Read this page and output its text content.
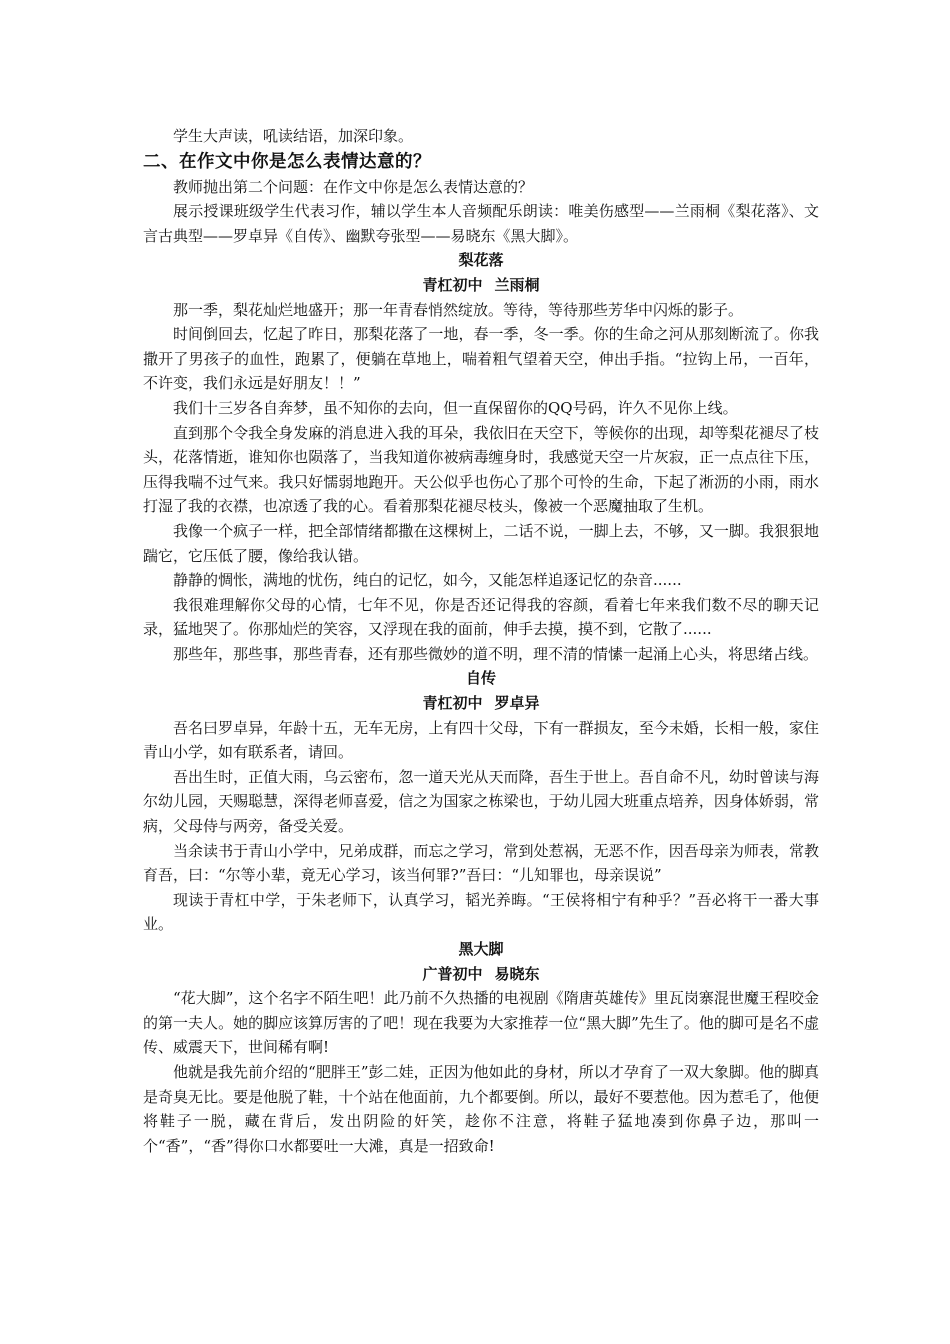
学生大声读，吼读结语，加深印象。

二、在作文中你是怎么表情达意的？

教师抛出第二个问题：在作文中你是怎么表情达意的？

展示授课班级学生代表习作，辅以学生本人音频配乐朗读：唯美伤感型——兰雨桐《梨花落》、文言古典型——罗卓异《自传》、幽默夸张型——易晓东《黑大脚》。

梨花落

青杠初中 兰雨桐

那一季，梨花灿烂地盛开；那一年青春悄然绽放。等待，等待那些芳华中闪烁的影子。

时间倒回去，忆起了昨日，那梨花落了一地，春一季，冬一季。你的生命之河从那刻断流了。你我撒开了男孩子的血性，跑累了，便躺在草地上，喘着粗气望着天空，伸出手指。“拉钩上吊，一百年，不许变，我们永远是好朋友！！”

我们十三岁各自奔梦，虽不知你的去向，但一直保留你的QQ号码，许久不见你上线。

直到那个令我全身发麻的消息进入我的耳朵，我依旧在天空下，等候你的出现，却等梨花褪尽了枝头，花落情逝，谁知你也陨落了，当我知道你被病毒缠身时，我感觉天空一片灰寂，正一点点往下压，压得我喘不过气来。我只好懦弱地跑开。天公似乎也伤心了那个可怜的生命，下起了淅沥的小雨，雨水打湿了我的衣襟，也凉透了我的心。看着那梨花褪尽枝头，像被一个恶魔抽取了生机。

我像一个疯子一样，把全部情绪都撒在这棵树上，二话不说，一脚上去，不够，又一脚。我狠狠地踹它，它压低了腰，像给我认错。

静静的惆怅，满地的忧伤，纯白的记忆，如今，又能怎样追逐记忆的杂音......

我很难理解你父母的心情，七年不见，你是否还记得我的容颜，看着七年来我们数不尽的聊天记录，猛地哭了。你那灿烂的笑容，又浮现在我的面前，伸手去摸，摸不到，它散了......

那些年，那些事，那些青春，还有那些微妙的道不明，理不清的情愫一起涌上心头，将思绪占线。

自传

青杠初中 罗卓异

吾名曰罗卓异，年龄十五，无车无房，上有四十父母，下有一群损友，至今未婚，长相一般，家住青山小学，如有联系者，请回。

吾出生时，正值大雨，乌云密布，忽一道天光从天而降，吾生于世上。吾自命不凡，幼时曾读与海尔幼儿园，天赐聪慧，深得老师喜爱，信之为国家之栋梁也，于幼儿园大班重点培养，因身体娇弱，常病，父母侍与两旁，备受关爱。

当余读书于青山小学中，兄弟成群，而忘之学习，常到处惹祸，无恶不作，因吾母亲为师表，常教育吾，曰：“尔等小辈，竟无心学习，该当何罪?”吾曰：“儿知罪也，母亲误说”

现读于青杠中学，于朱老师下，认真学习，韬光养晦。“王侯将相宁有种乎？”吾必将干一番大事业。

黑大脚

广普初中 易晓东

“花大脚”，这个名字不陌生吧！此乃前不久热播的电视剧《隋唐英雄传》里瓦岗寨混世魔王程咬金的第一夫人。她的脚应该算厉害的了吧！现在我要为大家推荐一位“黑大脚”先生了。他的脚可是名不虚传、威震天下，世间稀有啊!

他就是我先前介绍的“肥胖王”彭二娃，正因为他如此的身材，所以才孕育了一双大象脚。他的脚真是奇臭无比。要是他脱了鞋，十个站在他面前，九个都要倒。所以，最好不要惹他。因为惹毛了，他便将鞋子一脱，藏在背后，发出阴险的奸笑，趁你不注意，将鞋子猛地凑到你鼻子边，那叫一个“香”，“香”得你口水都要吐一大滩，真是一招致命!
